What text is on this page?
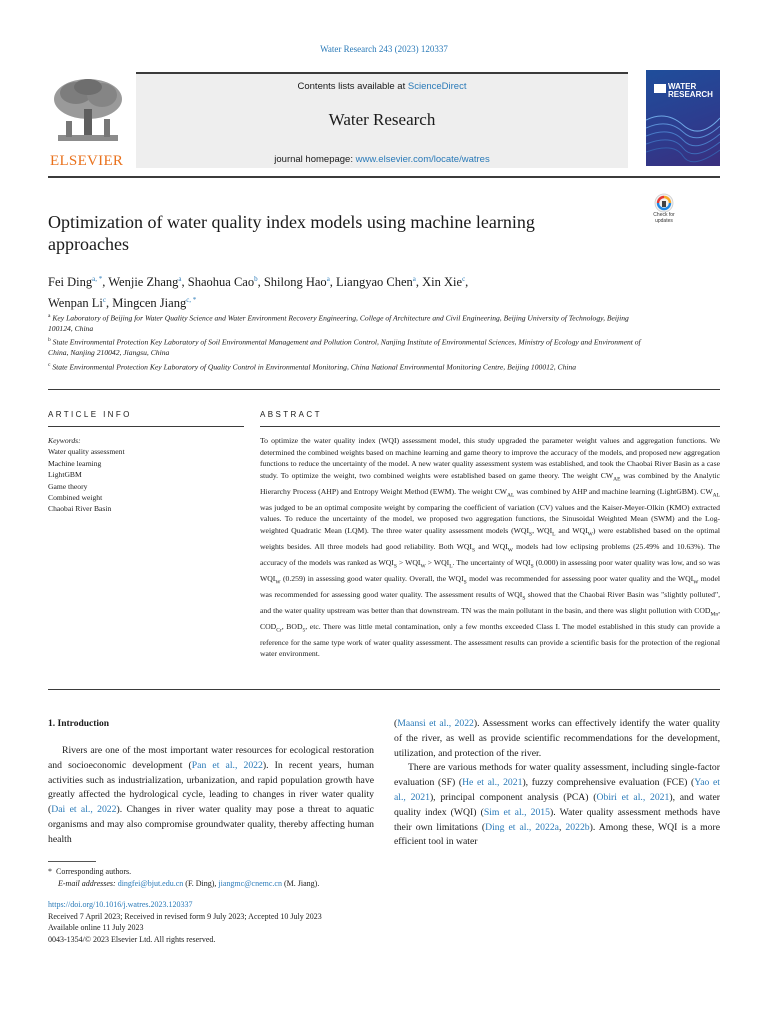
Water Research 243 (2023) 120337
ELSEVIER
Contents lists available at ScienceDirect
Water Research
journal homepage: www.elsevier.com/locate/watres
WATER
RESEARCH
Optimization of water quality index models using machine learning approaches
Check for
updates
Fei Ding$^{a, *}$, Wenjie Zhang$^a$, Shaohua Cao$^b$, Shilong Hao$^a$, Liangyao Chen$^a$, Xin Xie$^c$,
Wenpan Li$^c$, Mingcen Jiang$^{c, *}$
$^a$ Key Laboratory of Beijing for Water Quality Science and Water Environment Recovery Engineering, College of Architecture and Civil Engineering, Beijing University of Technology, Beijing 100124, China
$^b$ State Environmental Protection Key Laboratory of Soil Environmental Management and Pollution Control, Nanjing Institute of Environmental Sciences, Ministry of Ecology and Environment of China, Nanjing 210042, Jiangsu, China
$^c$ State Environmental Protection Key Laboratory of Quality Control in Environmental Monitoring, China National Environmental Monitoring Centre, Beijing 100012, China
ARTICLE INFO	ABSTRACT
Keywords:
Water quality assessment
Machine learning
LightGBM
Game theory
Combined weight
Chaobai River Basin
To optimize the water quality index (WQI) assessment model, this study upgraded the parameter weight values and aggregation functions. We determined the combined weights based on machine learning and game theory to improve the accuracy of the models, and proposed new aggregation functions to reduce the uncertainty of the model. A new water quality assessment system was established, and took the Chaobai River Basin as a case study. To optimize the weight, two combined weights were established based on game theory. The weight $CW_{AE}$ was combined by the Analytic Hierarchy Process (AHP) and Entropy Weight Method (EWM). The weight $CW_{AL}$ was combined by AHP and machine learning (LightGBM). $CW_{AL}$ was judged to be an optimal composite weight by comparing the coefficient of variation (CV) values and the Kaiser-Meyer-Olkin (KMO) extracted values. To reduce the uncertainty of the model, we proposed two aggregation functions, the Sinusoidal Weighted Mean (SWM) and the Log-weighted Quadratic Mean (LQM). The three water quality assessment models ($WQI_S$, $WQI_L$ and $WQI_W$) were established based on the optimal weights besides. All three models had good reliability. Both $WQI_S$ and $WQI_W$ models had low eclipsing problems (25.49% and 10.63%). The accuracy of the models was ranked as $WQI_S > WQI_W > WQI_L$. The uncertainty of $WQI_S$ (0.000) in assessing poor water quality was low, and so was $WQI_W$ (0.259) in assessing good water quality. Overall, the $WQI_S$ model was recommended for assessing poor water quality and the $WQI_W$ model was recommended for assessing good water quality. The assessment results of $WQI_S$ showed that the Chaobai River Basin was "slightly polluted", and the water quality upstream was better than that downstream. TN was the main pollutant in the basin, and there was slight pollution with $COD_{Mn}$, $COD_{Cr}$, $BOD_5$, etc. There was little metal contamination, only a few months exceeded Class I. The model established in this study can provide a reference for the same type work of water quality assessment. The assessment results can provide a scientific basis for the protection of the regional water environment.
1. Introduction
Rivers are one of the most important water resources for ecological restoration and socioeconomic development (Pan et al., 2022). In recent years, human activities such as industrialization, urbanization, and rapid population growth have greatly affected the hydrological cycle, leading to changes in river water quality (Dai et al., 2022). Changes in river water quality may pose a threat to aquatic organisms and may also compromise groundwater quality, thereby affecting human health
(Maansi et al., 2022). Assessment works can effectively identify the water quality of the river, as well as provide scientific recommendations for the development, utilization, and protection of the river.
There are various methods for water quality assessment, including single-factor evaluation (SF) (He et al., 2021), fuzzy comprehensive evaluation (FCE) (Yao et al., 2021), principal component analysis (PCA) (Obiri et al., 2021), and water quality index (WQI) (Sim et al., 2015). Water quality assessment methods have their own limitations (Ding et al., 2022a, 2022b). Among these, WQI is a more efficient tool in water
*  Corresponding authors.
E-mail addresses: dingfei@bjut.edu.cn (F. Ding), jiangmc@cnemc.cn (M. Jiang).
https://doi.org/10.1016/j.watres.2023.120337
Received 7 April 2023; Received in revised form 9 July 2023; Accepted 10 July 2023
Available online 11 July 2023
0043-1354/© 2023 Elsevier Ltd. All rights reserved.
